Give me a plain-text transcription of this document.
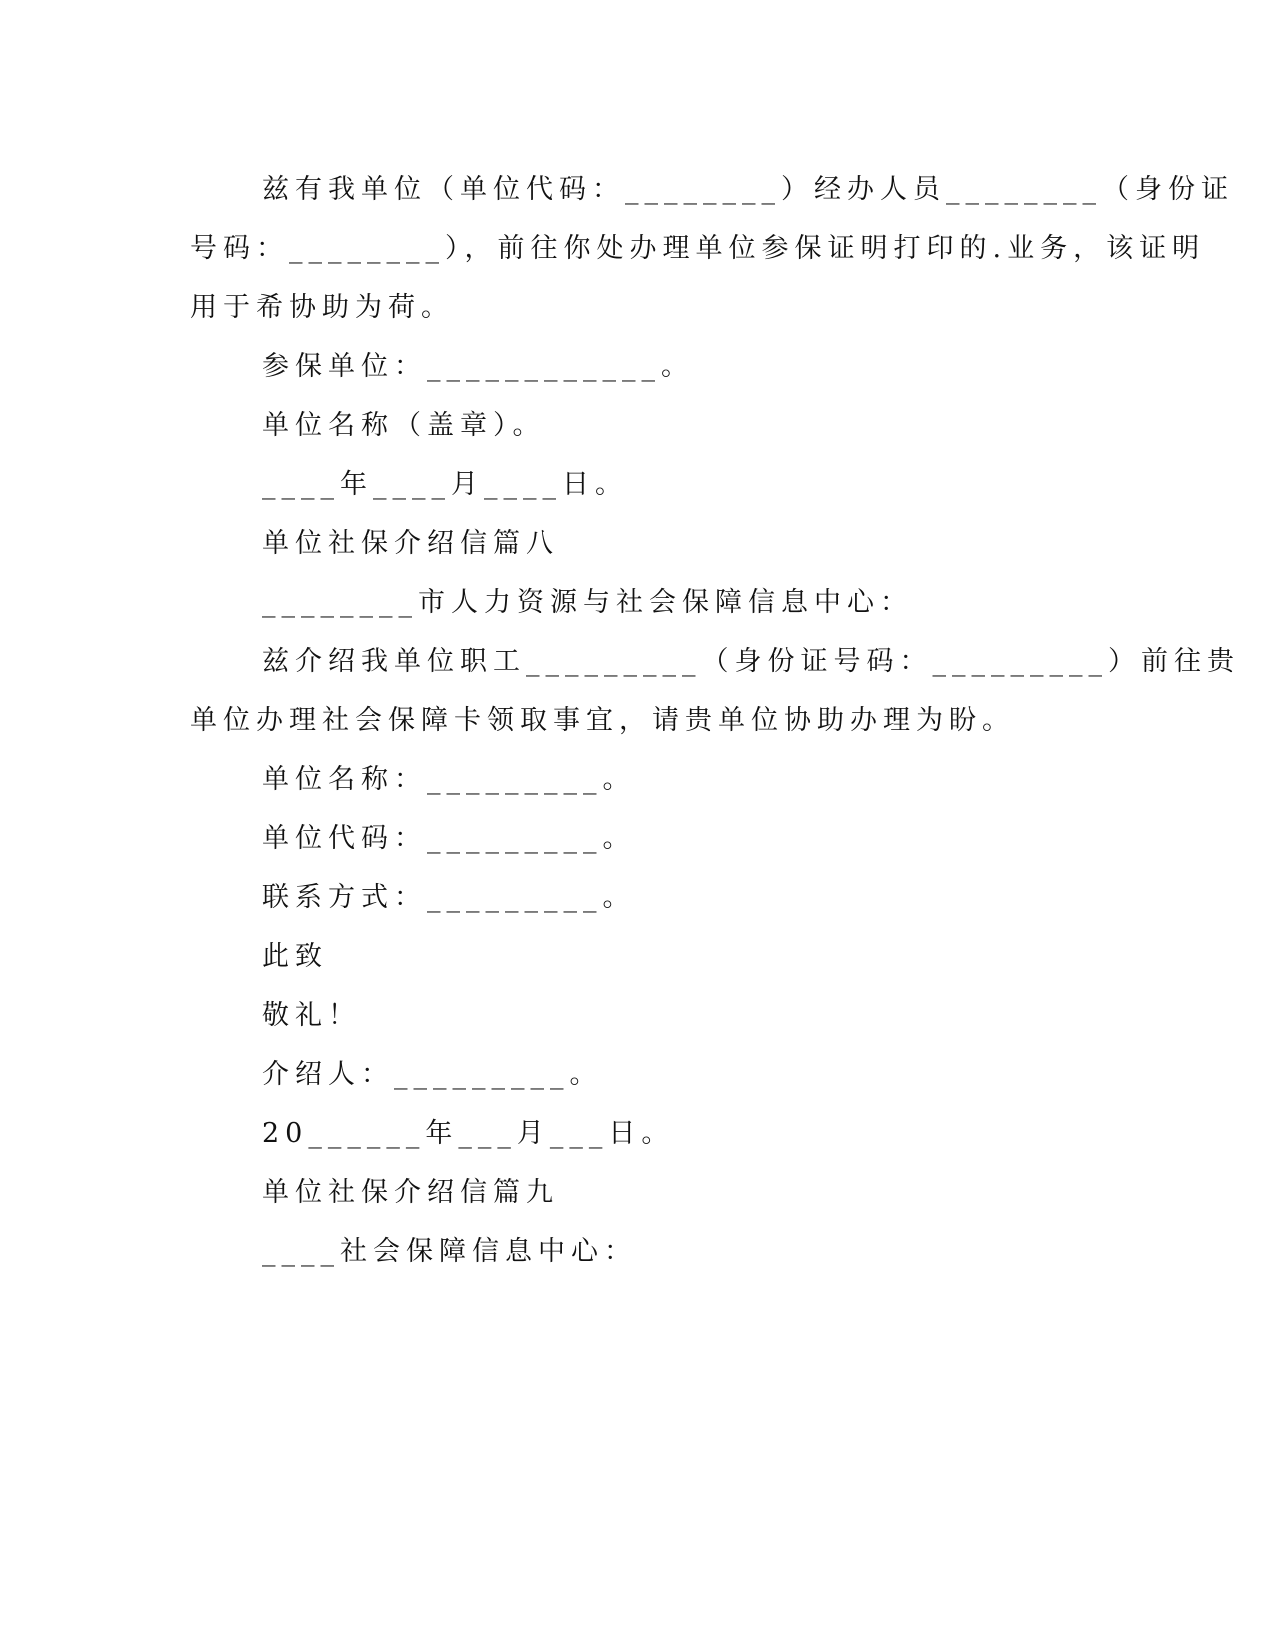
兹有我单位（单位代码：________）经办人员________（身份证
号码：________），前往你处办理单位参保证明打印的.业务，该证明
用于希协助为荷。
参保单位：____________。
单位名称（盖章）。
____年____月____日。
单位社保介绍信篇八
________市人力资源与社会保障信息中心：
兹介绍我单位职工_________（身份证号码：_________）前往贵
单位办理社会保障卡领取事宜，请贵单位协助办理为盼。
单位名称：_________。
单位代码：_________。
联系方式：_________。
此致
敬礼！
介绍人：_________。
20______年___月___日。
单位社保介绍信篇九
____社会保障信息中心：
